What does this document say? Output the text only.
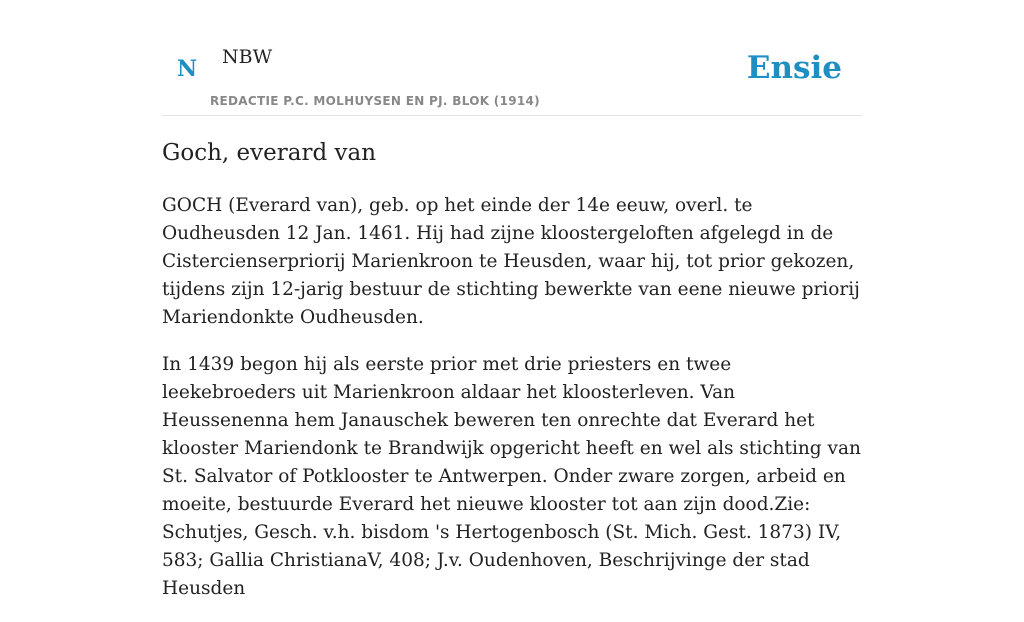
N NBW
REDACTIE P.C. MOLHUYSEN EN PJ. BLOK (1914)
Ensie
Goch, everard van

GOCH (Everard van), geb. op het einde der 14e eeuw, overl. te Oudheusden 12 Jan. 1461. Hij had zijne kloostergeloften afgelegd in de Cistercienserpriorij Marienkroon te Heusden, waar hij, tot prior gekozen, tijdens zijn 12-jarig bestuur de stichting bewerkte van eene nieuwe priorij Mariendonkte Oudheusden.

In 1439 begon hij als eerste prior met drie priesters en twee leekebroeders uit Marienkroon aldaar het kloosterleven. Van Heussenenna hem Janauschek beweren ten onrechte dat Everard het klooster Mariendonk te Brandwijk opgericht heeft en wel als stichting van St. Salvator of Potklooster te Antwerpen. Onder zware zorgen, arbeid en moeite, bestuurde Everard het nieuwe klooster tot aan zijn dood.Zie: Schutjes, Gesch. v.h. bisdom 's Hertogenbosch (St. Mich. Gest. 1873) IV, 583; Gallia ChristianaV, 408; J.v. Oudenhoven, Beschrijvinge der stad Heusden
